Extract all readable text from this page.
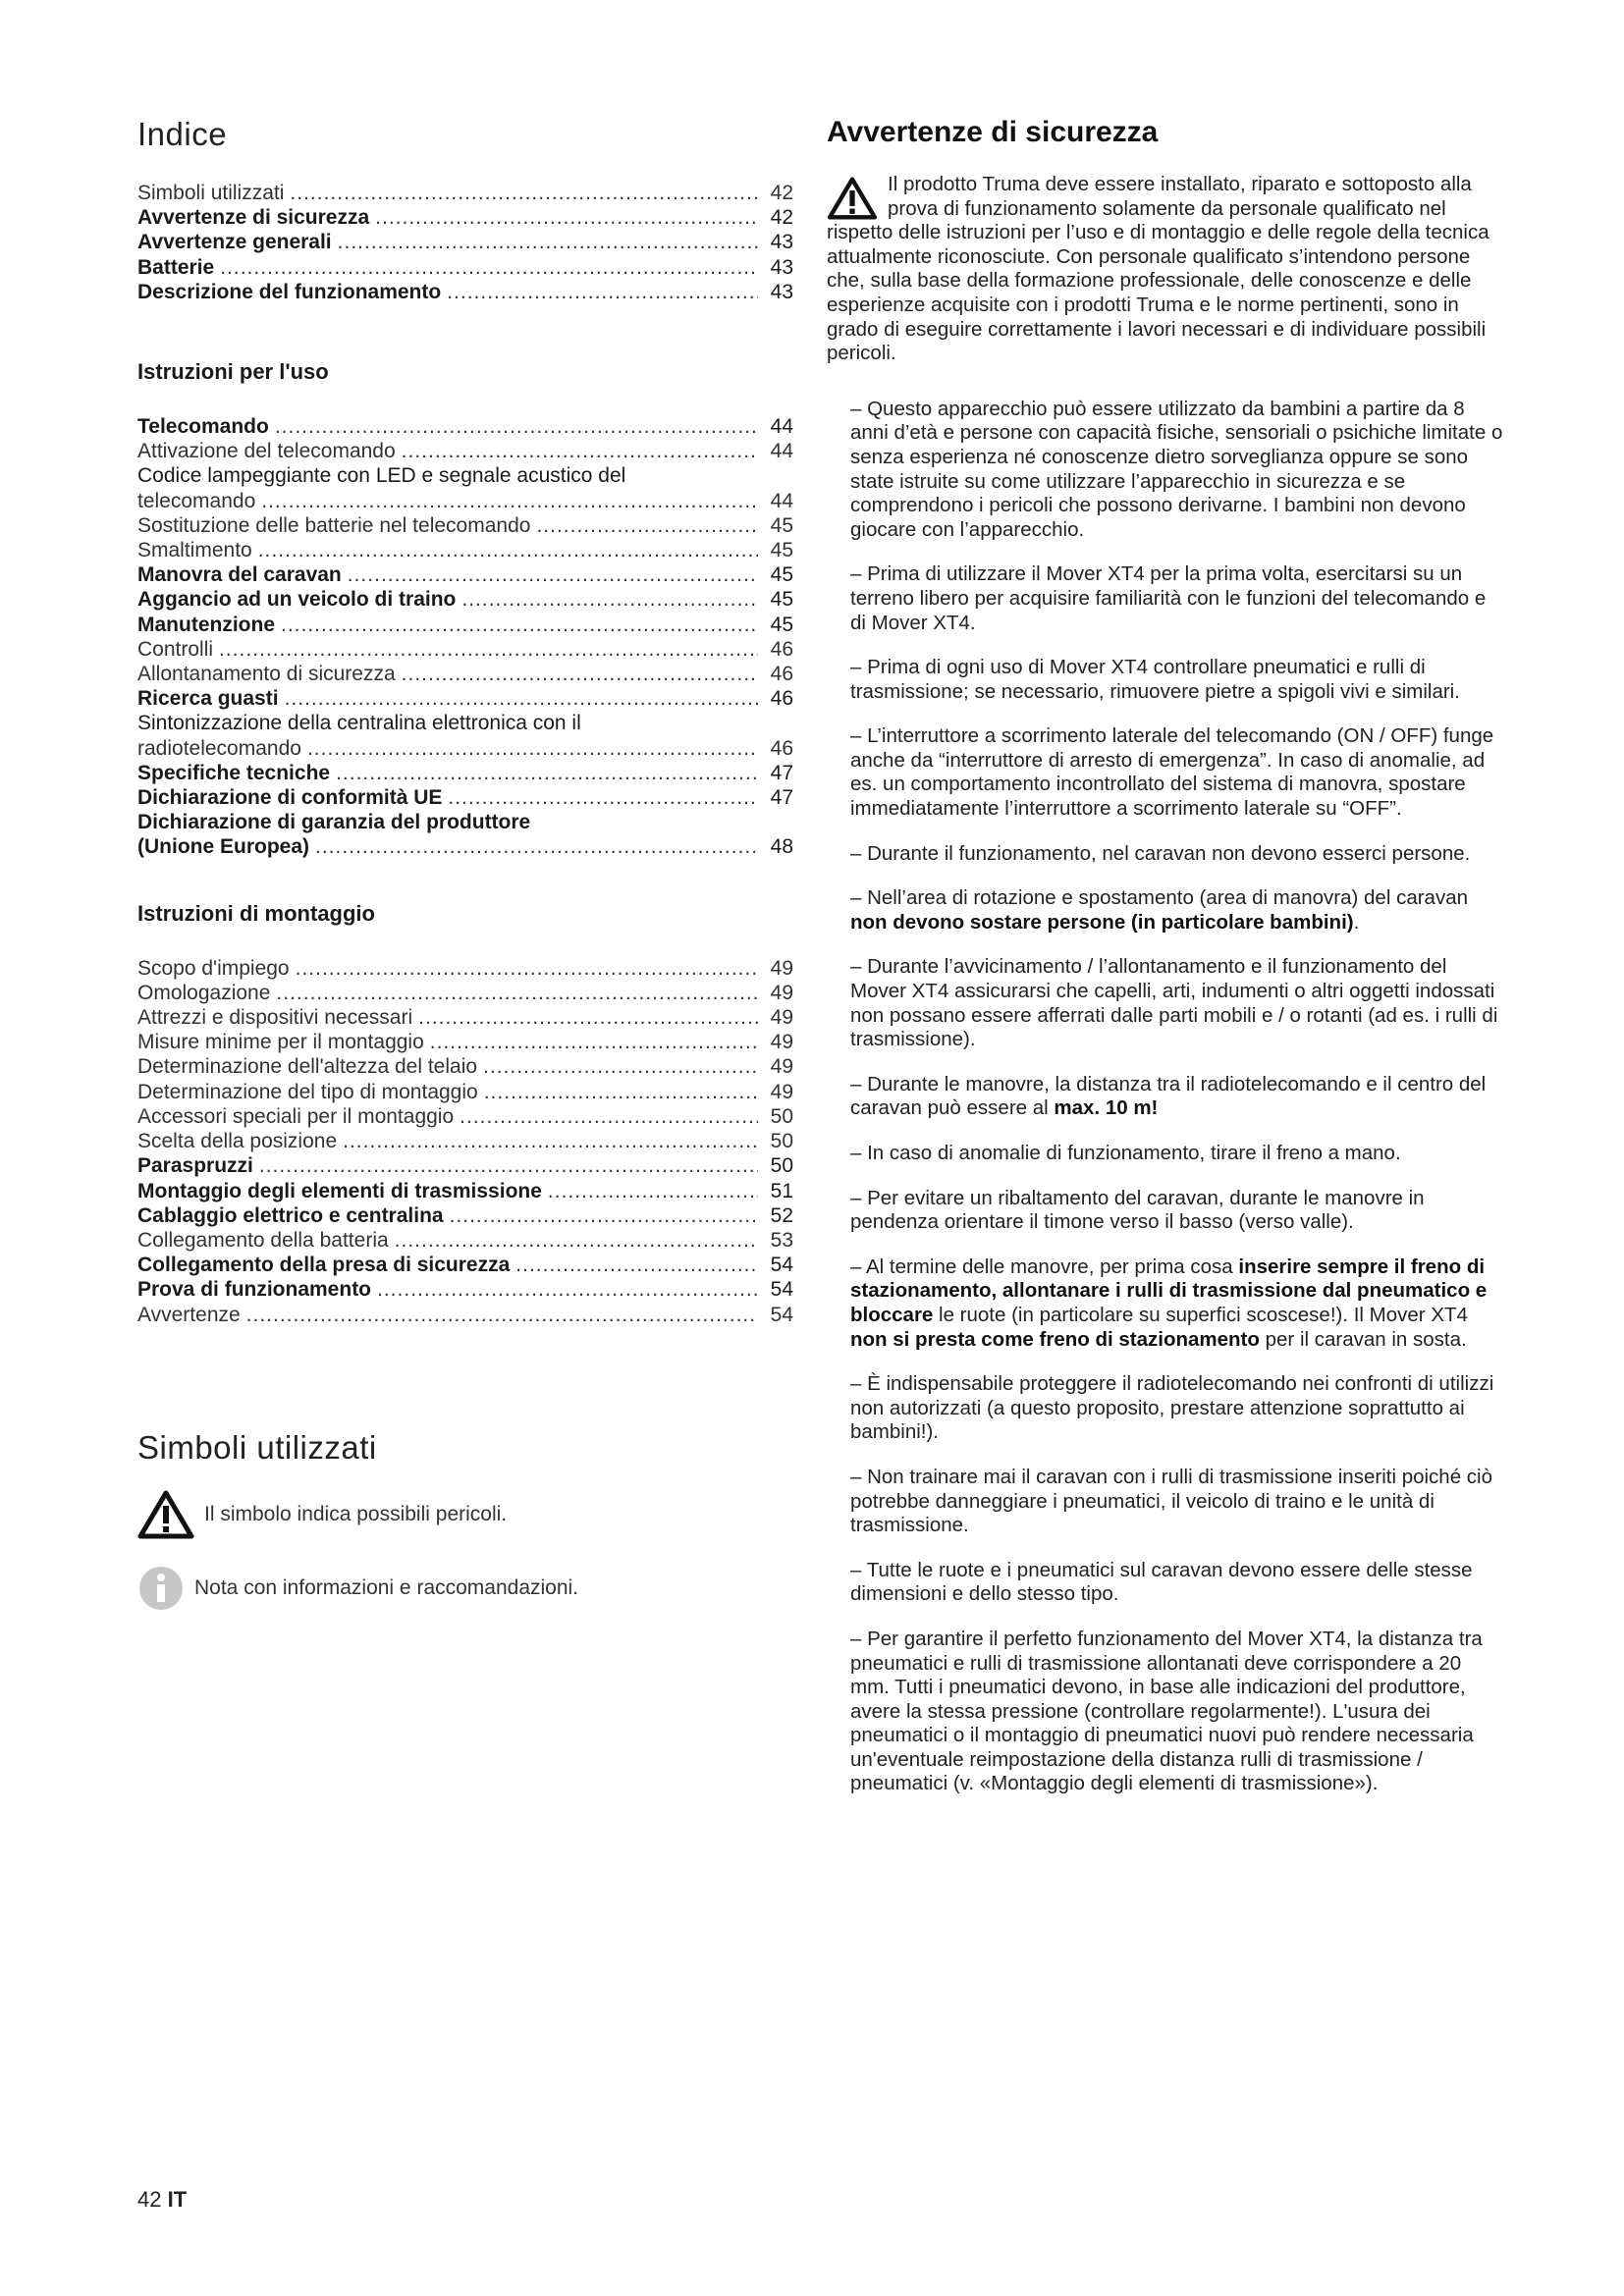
Indice
Simboli utilizzati .....	42
Avvertenze di sicurezza .....	42
Avvertenze generali .....	43
Batterie .....	43
Descrizione del funzionamento .....	43
Istruzioni per l'uso
Telecomando .....	44
Attivazione del telecomando .....	44
Codice lampeggiante con LED e segnale acustico del
telecomando .....	44
Sostituzione delle batterie nel telecomando .....	45
Smaltimento .....	45
Manovra del caravan .....	45
Aggancio ad un veicolo di traino .....	45
Manutenzione .....	45
Controlli .....	46
Allontanamento di sicurezza .....	46
Ricerca guasti .....	46
Sintonizzazione della centralina elettronica con il
radiotelecomando .....	46
Specifiche tecniche .....	47
Dichiarazione di conformità UE .....	47
Dichiarazione di garanzia del produttore
(Unione Europea) .....	48
Istruzioni di montaggio
Scopo d'impiego .....	49
Omologazione .....	49
Attrezzi e dispositivi necessari .....	49
Misure minime per il montaggio .....	49
Determinazione dell'altezza del telaio .....	49
Determinazione del tipo di montaggio .....	49
Accessori speciali per il montaggio .....	50
Scelta della posizione .....	50
Paraspruzzi .....	50
Montaggio degli elementi di trasmissione .....	51
Cablaggio elettrico e centralina .....	52
Collegamento della batteria .....	53
Collegamento della presa di sicurezza .....	54
Prova di funzionamento .....	54
Avvertenze .....	54
Simboli utilizzati
Il simbolo indica possibili pericoli.
Nota con informazioni e raccomandazioni.
Avvertenze di sicurezza
Il prodotto Truma deve essere installato, riparato e sottoposto alla prova di funzionamento solamente da personale qualificato nel rispetto delle istruzioni per l’uso e di montaggio e delle regole della tecnica attualmente riconosciute. Con personale qualificato s’intendono persone che, sulla base della formazione professionale, delle conoscenze e delle esperienze acquisite con i prodotti Truma e le norme pertinenti, sono in grado di eseguire correttamente i lavori necessari e di individuare possibili pericoli.

– Questo apparecchio può essere utilizzato da bambini a partire da 8 anni d’età e persone con capacità fisiche, sensoriali o psichiche limitate o senza esperienza né conoscenze dietro sorveglianza oppure se sono state istruite su come utilizzare l’apparecchio in sicurezza e se comprendono i pericoli che possono derivarne. I bambini non devono giocare con l’apparecchio.

– Prima di utilizzare il Mover XT4 per la prima volta, esercitarsi su un terreno libero per acquisire familiarità con le funzioni del telecomando e di Mover XT4.

– Prima di ogni uso di Mover XT4 controllare pneumatici e rulli di trasmissione; se necessario, rimuovere pietre a spigoli vivi e similari.

– L’interruttore a scorrimento laterale del telecomando (ON / OFF) funge anche da “interruttore di arresto di emergenza”. In caso di anomalie, ad es. un comportamento incontrollato del sistema di manovra, spostare immediatamente l’interruttore a scorrimento laterale su “OFF”.

– Durante il funzionamento, nel caravan non devono esserci persone.

– Nell’area di rotazione e spostamento (area di manovra) del caravan non devono sostare persone (in particolare bambini).

– Durante l’avvicinamento / l’allontanamento e il funzionamento del Mover XT4 assicurarsi che capelli, arti, indumenti o altri oggetti indossati non possano essere afferrati dalle parti mobili e / o rotanti (ad es. i rulli di trasmissione).

– Durante le manovre, la distanza tra il radiotelecomando e il centro del caravan può essere al max. 10 m!

– In caso di anomalie di funzionamento, tirare il freno a mano.

– Per evitare un ribaltamento del caravan, durante le manovre in pendenza orientare il timone verso il basso (verso valle).

– Al termine delle manovre, per prima cosa inserire sempre il freno di stazionamento, allontanare i rulli di trasmissione dal pneumatico e bloccare le ruote (in particolare su superfici scoscese!). Il Mover XT4 non si presta come freno di stazionamento per il caravan in sosta.

– È indispensabile proteggere il radiotelecomando nei confronti di utilizzi non autorizzati (a questo proposito, prestare attenzione soprattutto ai bambini!).

– Non trainare mai il caravan con i rulli di trasmissione inseriti poiché ciò potrebbe danneggiare i pneumatici, il veicolo di traino e le unità di trasmissione.

– Tutte le ruote e i pneumatici sul caravan devono essere delle stesse dimensioni e dello stesso tipo.

– Per garantire il perfetto funzionamento del Mover XT4, la distanza tra pneumatici e rulli di trasmissione allontanati deve corrispondere a 20 mm. Tutti i pneumatici devono, in base alle indicazioni del produttore, avere la stessa pressione (controllare regolarmente!). L'usura dei pneumatici o il montaggio di pneumatici nuovi può rendere necessaria un'eventuale reimpostazione della distanza rulli di trasmissione / pneumatici (v. «Montaggio degli elementi di trasmissione»).

42 IT
